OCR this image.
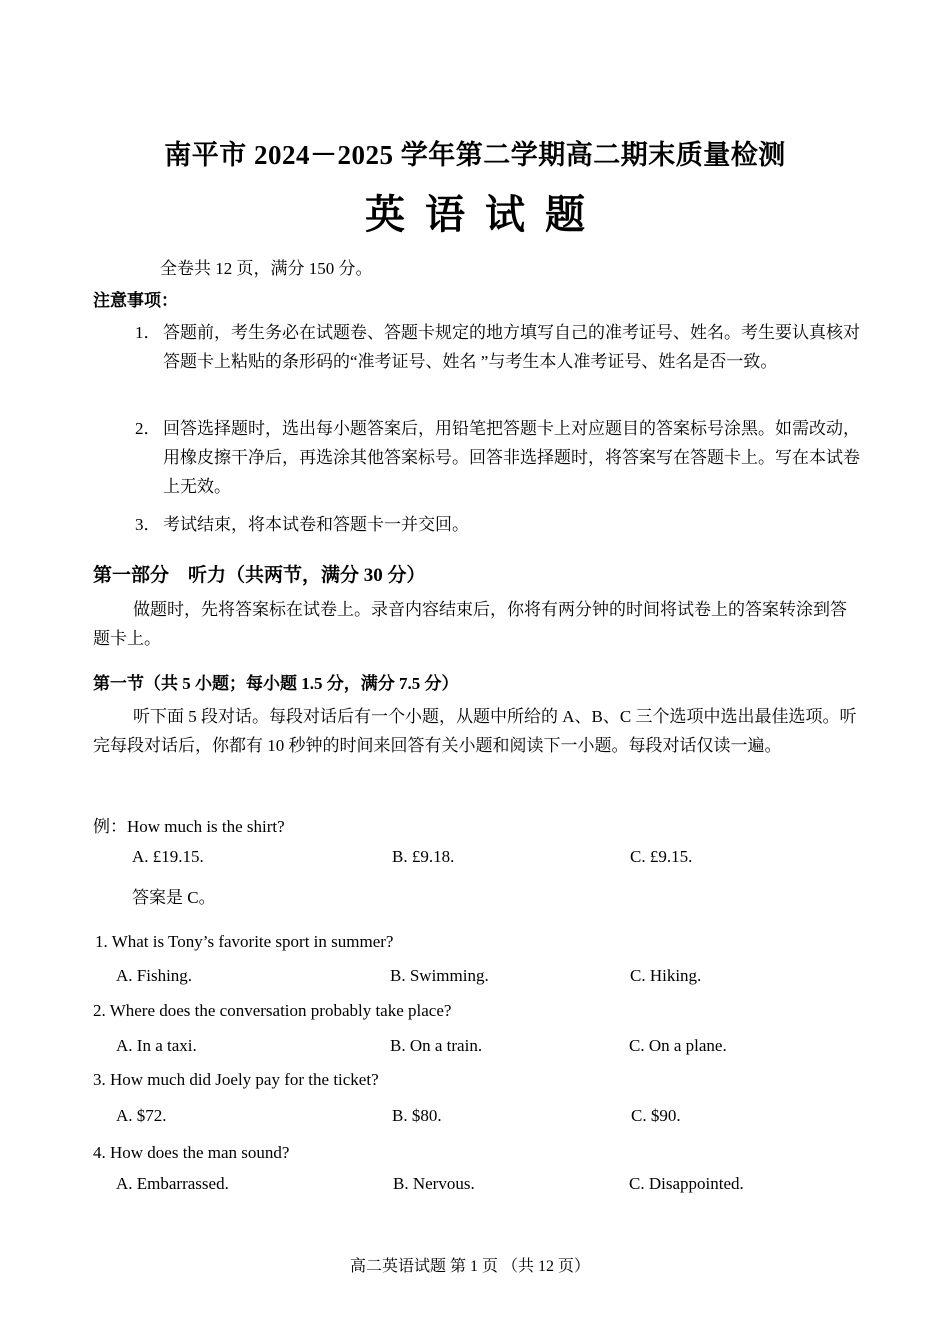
南平市 2024－2025 学年第二学期高二期末质量检测
英语试题
全卷共 12 页，满分 150 分。
注意事项：
1． 答题前，考生务必在试题卷、答题卡规定的地方填写自己的准考证号、姓名。考生要认真核对答题卡上粘贴的条形码的“准考证号、姓名 ”与考生本人准考证号、姓名是否一致。
2． 回答选择题时，选出每小题答案后，用铅笔把答题卡上对应题目的答案标号涂黑。如需改动，用橡皮擦干净后，再选涂其他答案标号。回答非选择题时，将答案写在答题卡上。写在本试卷上无效。
3． 考试结束，将本试卷和答题卡一并交回。
第一部分　听力（共两节，满分 30 分）
做题时，先将答案标在试卷上。录音内容结束后，你将有两分钟的时间将试卷上的答案转涂到答题卡上。
第一节（共 5 小题；每小题 1.5 分，满分 7.5 分）
听下面 5 段对话。每段对话后有一个小题，从题中所给的 A、B、C 三个选项中选出最佳选项。听完每段对话后，你都有 10 秒钟的时间来回答有关小题和阅读下一小题。每段对话仅读一遍。
例：How much is the shirt?
A. £19.15.	B. £9.18.	C. £9.15.
答案是 C。
1. What is Tony’s favorite sport in summer?
A. Fishing.	B. Swimming.	C. Hiking.
2. Where does the conversation probably take place?
A. In a taxi.	B. On a train.	C. On a plane.
3. How much did Joely pay for the ticket?
A. $72.	B. $80.	C. $90.
4. How does the man sound?
A. Embarrassed.	B. Nervous.	C. Disappointed.
高二英语试题 第 1 页 （共 12 页）
